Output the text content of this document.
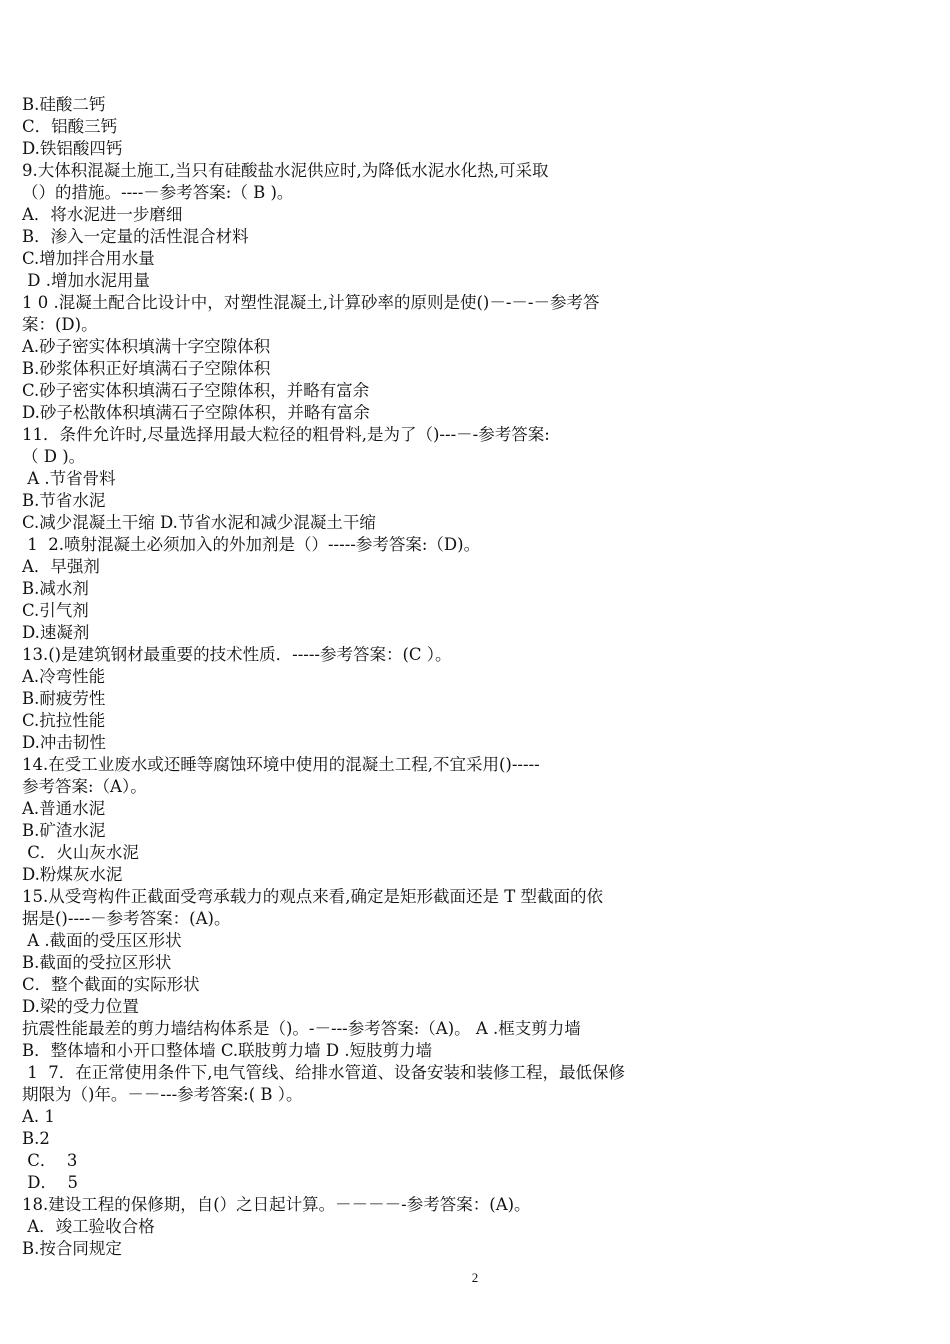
B.硅酸二钙
C．铝酸三钙
D.铁铝酸四钙
9.大体积混凝土施工,当只有硅酸盐水泥供应时,为降低水泥水化热,可采取
（）的措施。----－参考答案:（ B )。
A．将水泥进一步磨细
B．渗入一定量的活性混合材料
C.增加拌合用水量
D .增加水泥用量
1 0 .混凝土配合比设计中，对塑性混凝土,计算砂率的原则是使()－-－-－参考答
案：(D)。
A.砂子密实体积填满十字空隙体积
B.砂浆体积正好填满石子空隙体积
C.砂子密实体积填满石子空隙体积，并略有富余
D.砂子松散体积填满石子空隙体积，并略有富余
11．条件允许时,尽量选择用最大粒径的粗骨料,是为了（)---－-参考答案:
（ D )。
A .节省骨料
B.节省水泥
C.减少混凝土干缩 D.节省水泥和减少混凝土干缩
1  2.喷射混凝土必须加入的外加剂是（）-----参考答案:（D)。
A．早强剂
B.减水剂
C.引气剂
D.速凝剂
13.()是建筑钢材最重要的技术性质．-----参考答案：(C ）。
A.冷弯性能
B.耐疲劳性
C.抗拉性能
D.冲击韧性
14.在受工业废水或还睡等腐蚀环境中使用的混凝土工程,不宜采用()-----
参考答案:（A）。
A.普通水泥
B.矿渣水泥
C．火山灰水泥
D.粉煤灰水泥
15.从受弯构件正截面受弯承载力的观点来看,确定是矩形截面还是 T 型截面的依
据是()----－参考答案：(A)。
A .截面的受压区形状
B.截面的受拉区形状
C．整个截面的实际形状
D.梁的受力位置
抗震性能最差的剪力墙结构体系是（)。-－---参考答案:（A)。 A .框支剪力墙
B．整体墙和小开口整体墙 C.联肢剪力墙 D .短肢剪力墙
1  7．在正常使用条件下,电气管线、给排水管道、设备安装和装修工程，最低保修
期限为（)年。－－---参考答案:( B ）。
A. 1
B.2
C．  3
D．  5
18.建设工程的保修期，自(）之日起计算。－－－－-参考答案：(A)。
A．竣工验收合格
B.按合同规定
2
